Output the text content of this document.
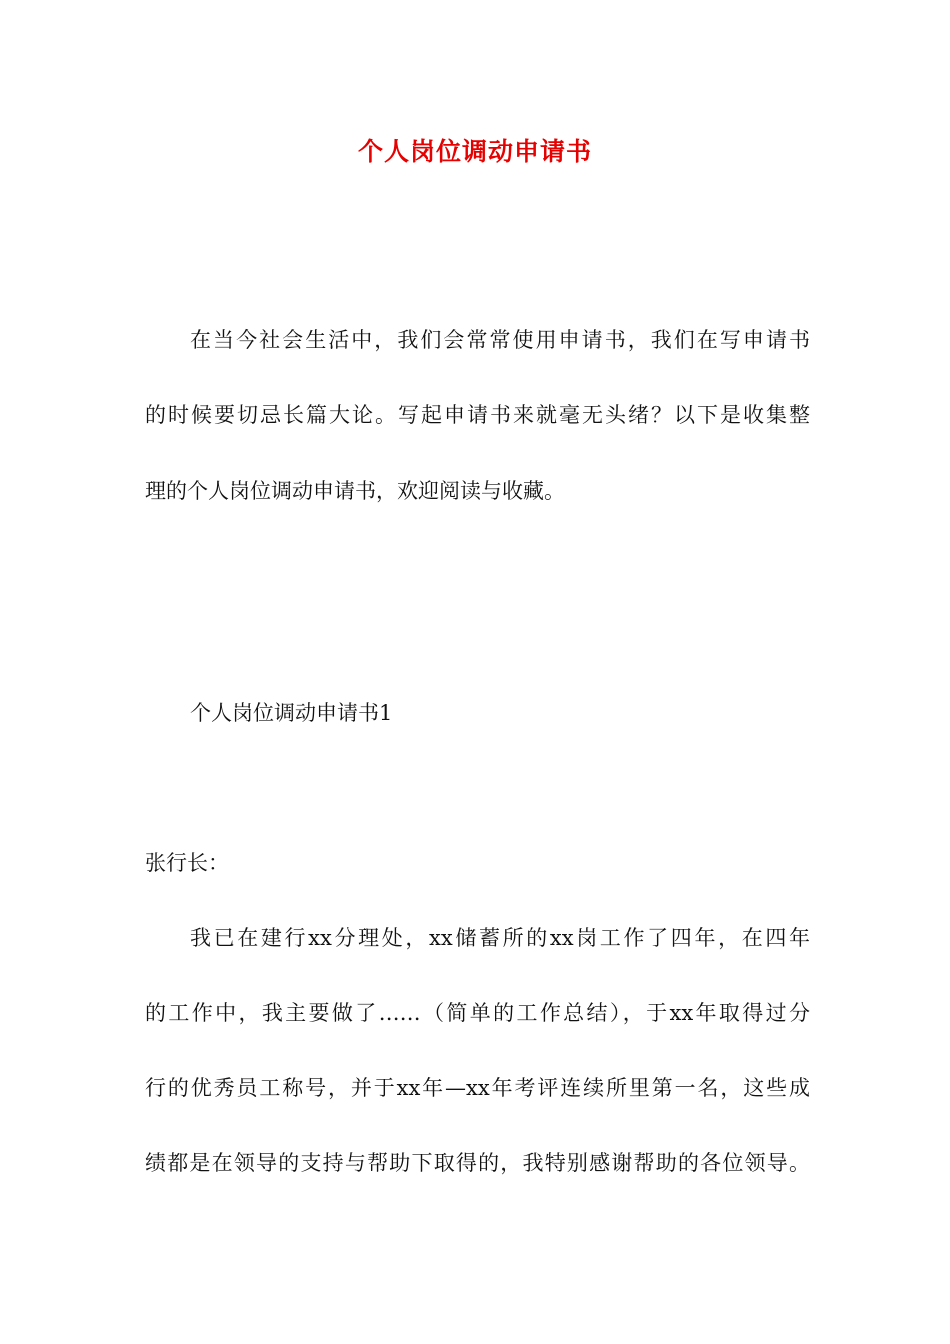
个人岗位调动申请书
在当今社会生活中，我们会常常使用申请书，我们在写申请书
的时候要切忌长篇大论。写起申请书来就毫无头绪？以下是收集整
理的个人岗位调动申请书，欢迎阅读与收藏。
个人岗位调动申请书1
张行长：
我已在建行xx分理处，xx储蓄所的xx岗工作了四年，在四年
的工作中，我主要做了……（简单的工作总结），于xx年取得过分
行的优秀员工称号，并于xx年—xx年考评连续所里第一名，这些成
绩都是在领导的支持与帮助下取得的，我特别感谢帮助的各位领导。
